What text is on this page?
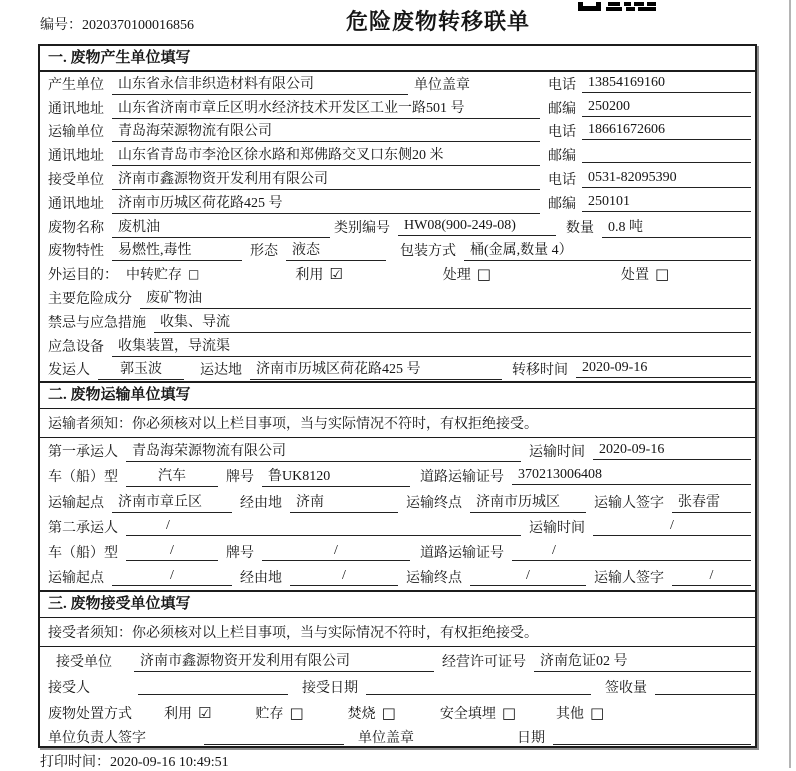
编号：2020370100016856	危险废物转移联单
一. 废物产生单位填写
产生单位	山东省永信非织造材料有限公司	单位盖章	电话 13854169160
通讯地址	山东省济南市章丘区明水经济技术开发区工业一路501 号	邮编 250200
运输单位	青岛海荣源物流有限公司	电话 18661672606
通讯地址	山东省青岛市李沧区徐水路和郑佛路交叉口东侧20 米	邮编
接受单位	济南市鑫源物资开发利用有限公司	电话 0531-82095390
通讯地址	济南市历城区荷花路425 号	邮编 250101
废物名称	废机油	类别编号	HW08(900-249-08)	数量	0.8 吨
废物特性	易燃性,毒性	形态	液态	包装方式	桶(金属,数量 4）
外运目的： 中转贮存 □	利用 ☑	处理 □	处置 □
主要危险成分	废矿物油
禁忌与应急措施	收集、导流
应急设备	收集装置，导流渠
发运人	郭玉波	运达地	济南市历城区荷花路425 号	转移时间	2020-09-16
二. 废物运输单位填写
运输者须知：你必须核对以上栏目事项，当与实际情况不符时，有权拒绝接受。
第一承运人	青岛海荣源物流有限公司	运输时间	2020-09-16
车（船）型	汽车	牌号	鲁UK8120	道路运输证号	370213006408
运输起点	济南市章丘区	经由地	济南	运输终点	济南市历城区	运输人签字	张春雷
第二承运人	/	运输时间	/
车（船）型	/	牌号	/	道路运输证号	/
运输起点	/	经由地	/	运输终点	/	运输人签字	/
三. 废物接受单位填写
接受者须知：你必须核对以上栏目事项，当与实际情况不符时，有权拒绝接受。
接受单位	济南市鑫源物资开发利用有限公司	经营许可证号	济南危证02 号
接受人	接受日期	签收量
废物处置方式 利用 ☑	贮存 □	焚烧 □	安全填埋 □	其他 □
单位负责人签字	单位盖章	日期
打印时间：2020-09-16 10:49:51
